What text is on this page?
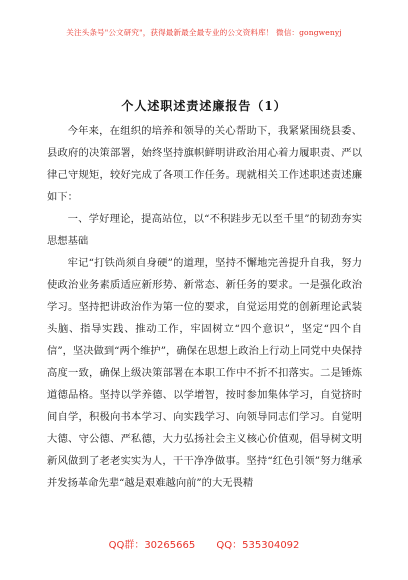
关注头条号"公文研究"，获得最新最全最专业的公文资料库！ 微信：gongwenyj
个人述职述责述廉报告（1）

今年来，在组织的培养和领导的关心帮助下，我紧紧围绕县委、县政府的决策部署，始终坚持旗帜鲜明讲政治用心着力履职责、严以律己守规矩，较好完成了各项工作任务。现就相关工作述职述责述廉如下：

一、学好理论，提高站位，以“不积跬步无以至千里”的韧劲夯实思想基础

牢记“打铁尚须自身硬”的道理，坚持不懈地完善提升自我，努力使政治业务素质适应新形势、新常态、新任务的要求。一是强化政治学习。坚持把讲政治作为第一位的要求，自觉运用党的创新理论武装头脑、指导实践、推动工作，牢固树立“四个意识”，坚定“四个自信”，坚决做到“两个维护”，确保在思想上政治上行动上同党中央保持高度一致，确保上级决策部署在本职工作中不折不扣落实。二是锤炼道德品格。坚持以学养德、以学增智，按时参加集体学习，自觉挤时间自学，积极向书本学习、向实践学习、向领导同志们学习。自觉明大德、守公德、严私德，大力弘扬社会主义核心价值观，倡导树文明新风做到了老老实实为人，干干净净做事。坚持“红色引领”努力继承并发扬革命先辈“越是艰难越向前”的大无畏精

QQ群：30265665 QQ：535304092
